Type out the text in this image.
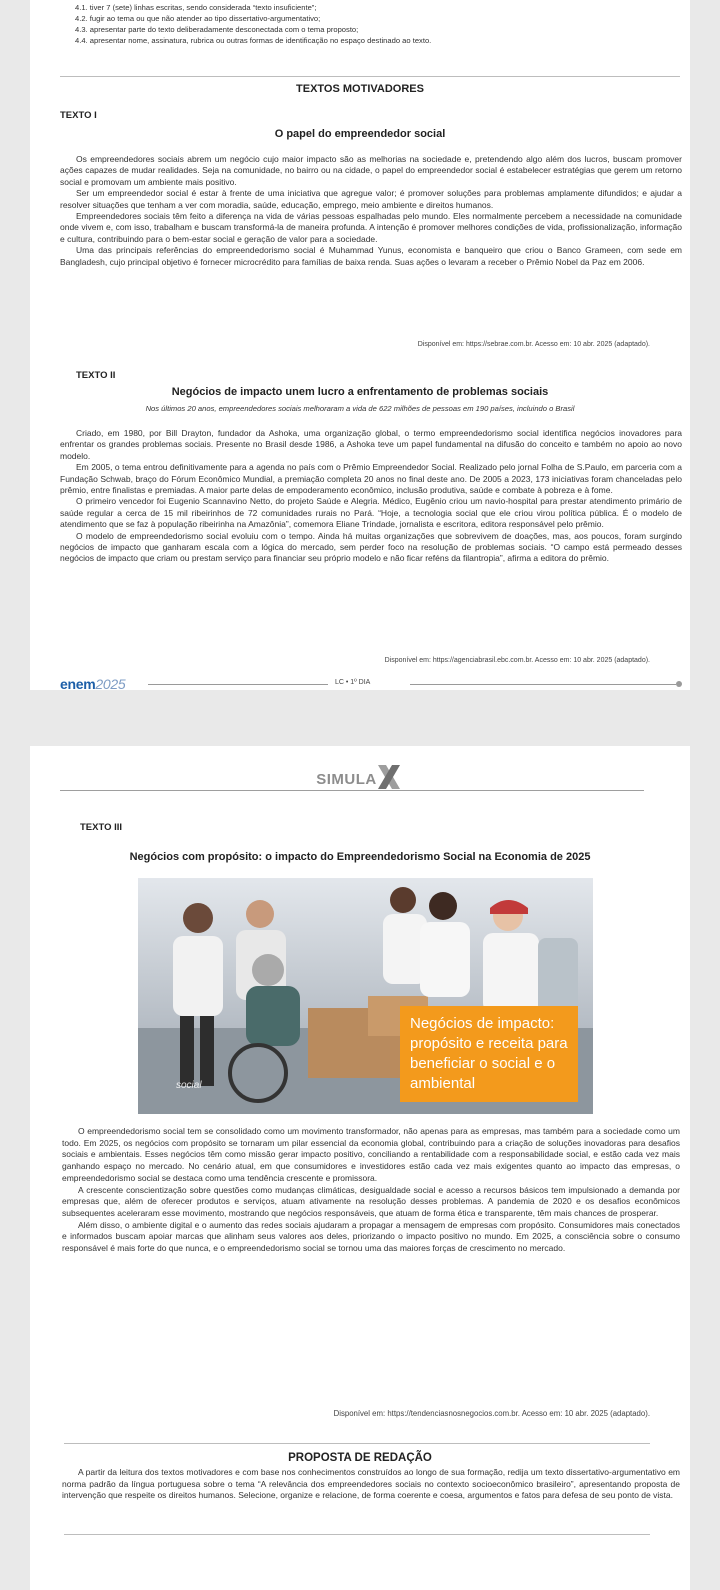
4.1. tiver 7 (sete) linhas escritas, sendo considerada “texto insuficiente”;
4.2. fugir ao tema ou que não atender ao tipo dissertativo-argumentativo;
4.3. apresentar parte do texto deliberadamente desconectada com o tema proposto;
4.4. apresentar nome, assinatura, rubrica ou outras formas de identificação no espaço destinado ao texto.
TEXTOS MOTIVADORES
TEXTO I
O papel do empreendedor social

Os empreendedores sociais abrem um negócio cujo maior impacto são as melhorias na sociedade e, pretendendo algo além dos lucros, buscam promover ações capazes de mudar realidades. Seja na comunidade, no bairro ou na cidade, o papel do empreendedor social é estabelecer estratégias que gerem um retorno social e promovam um ambiente mais positivo.

Ser um empreendedor social é estar à frente de uma iniciativa que agregue valor; é promover soluções para problemas amplamente difundidos; e ajudar a resolver situações que tenham a ver com moradia, saúde, educação, emprego, meio ambiente e direitos humanos.

Empreendedores sociais têm feito a diferença na vida de várias pessoas espalhadas pelo mundo. Eles normalmente percebem a necessidade na comunidade onde vivem e, com isso, trabalham e buscam transformá-la de maneira profunda. A intenção é promover melhores condições de vida, profissionalização, informação e cultura, contribuindo para o bem-estar social e geração de valor para a sociedade.

Uma das principais referências do empreendedorismo social é Muhammad Yunus, economista e banqueiro que criou o Banco Grameen, com sede em Bangladesh, cujo principal objetivo é fornecer microcrédito para famílias de baixa renda. Suas ações o levaram a receber o Prêmio Nobel da Paz em 2006.

Disponível em: https://sebrae.com.br. Acesso em: 10 abr. 2025 (adaptado).
TEXTO II
Negócios de impacto unem lucro a enfrentamento de problemas sociais
Nos últimos 20 anos, empreendedores sociais melhoraram a vida de 622 milhões de pessoas em 190 países, incluindo o Brasil

Criado, em 1980, por Bill Drayton, fundador da Ashoka, uma organização global, o termo empreendedorismo social identifica negócios inovadores para enfrentar os grandes problemas sociais. Presente no Brasil desde 1986, a Ashoka teve um papel fundamental na difusão do conceito e também no apoio ao novo modelo.

Em 2005, o tema entrou definitivamente para a agenda no país com o Prêmio Empreendedor Social. Realizado pelo jornal Folha de S.Paulo, em parceria com a Fundação Schwab, braço do Fórum Econômico Mundial, a premiação completa 20 anos no final deste ano. De 2005 a 2023, 173 iniciativas foram chanceladas pelo prêmio, entre finalistas e premiadas. A maior parte delas de empoderamento econômico, inclusão produtiva, saúde e combate à pobreza e à fome.

O primeiro vencedor foi Eugenio Scannavino Netto, do projeto Saúde e Alegria. Médico, Eugênio criou um navio-hospital para prestar atendimento primário de saúde regular a cerca de 15 mil ribeirinhos de 72 comunidades rurais no Pará. “Hoje, a tecnologia social que ele criou virou política pública. É o modelo de atendimento que se faz à população ribeirinha na Amazônia”, comemora Eliane Trindade, jornalista e escritora, editora responsável pelo prêmio.

O modelo de empreendedorismo social evoluiu com o tempo. Ainda há muitas organizações que sobrevivem de doações, mas, aos poucos, foram surgindo negócios de impacto que ganharam escala com a lógica do mercado, sem perder foco na resolução de problemas sociais. “O campo está permeado desses negócios de impacto que criam ou prestam serviço para financiar seu próprio modelo e não ficar reféns da filantropia”, afirma a editora do prêmio.

Disponível em: https://agenciabrasil.ebc.com.br. Acesso em: 10 abr. 2025 (adaptado).
enem2025	LC • 1º DIA
SIMULA
TEXTO III
Negócios com propósito: o impacto do Empreendedorismo Social na Economia de 2025
social
Negócios de impacto: propósito e receita para beneficiar o social e o ambiental

O empreendedorismo social tem se consolidado como um movimento transformador, não apenas para as empresas, mas também para a sociedade como um todo. Em 2025, os negócios com propósito se tornaram um pilar essencial da economia global, contribuindo para a criação de soluções inovadoras para desafios sociais e ambientais. Esses negócios têm como missão gerar impacto positivo, conciliando a rentabilidade com a responsabilidade social, e estão cada vez mais ganhando espaço no mercado. No cenário atual, em que consumidores e investidores estão cada vez mais exigentes quanto ao impacto das empresas, o empreendedorismo social se destaca como uma tendência crescente e promissora.

A crescente conscientização sobre questões como mudanças climáticas, desigualdade social e acesso a recursos básicos tem impulsionado a demanda por empresas que, além de oferecer produtos e serviços, atuam ativamente na resolução desses problemas. A pandemia de 2020 e os desafios econômicos subsequentes aceleraram esse movimento, mostrando que negócios responsáveis, que atuam de forma ética e transparente, têm mais chances de prosperar.

Além disso, o ambiente digital e o aumento das redes sociais ajudaram a propagar a mensagem de empresas com propósito. Consumidores mais conectados e informados buscam apoiar marcas que alinham seus valores aos deles, priorizando o impacto positivo no mundo. Em 2025, a consciência sobre o consumo responsável é mais forte do que nunca, e o empreendedorismo social se tornou uma das maiores forças de crescimento no mercado.

Disponível em: https://tendenciasnosnegocios.com.br. Acesso em: 10 abr. 2025 (adaptado).
PROPOSTA DE REDAÇÃO

A partir da leitura dos textos motivadores e com base nos conhecimentos construídos ao longo de sua formação, redija um texto dissertativo-argumentativo em norma padrão da língua portuguesa sobre o tema “A relevância dos empreendedores sociais no contexto socioeconômico brasileiro”, apresentando proposta de intervenção que respeite os direitos humanos. Selecione, organize e relacione, de forma coerente e coesa, argumentos e fatos para defesa de seu ponto de vista.
